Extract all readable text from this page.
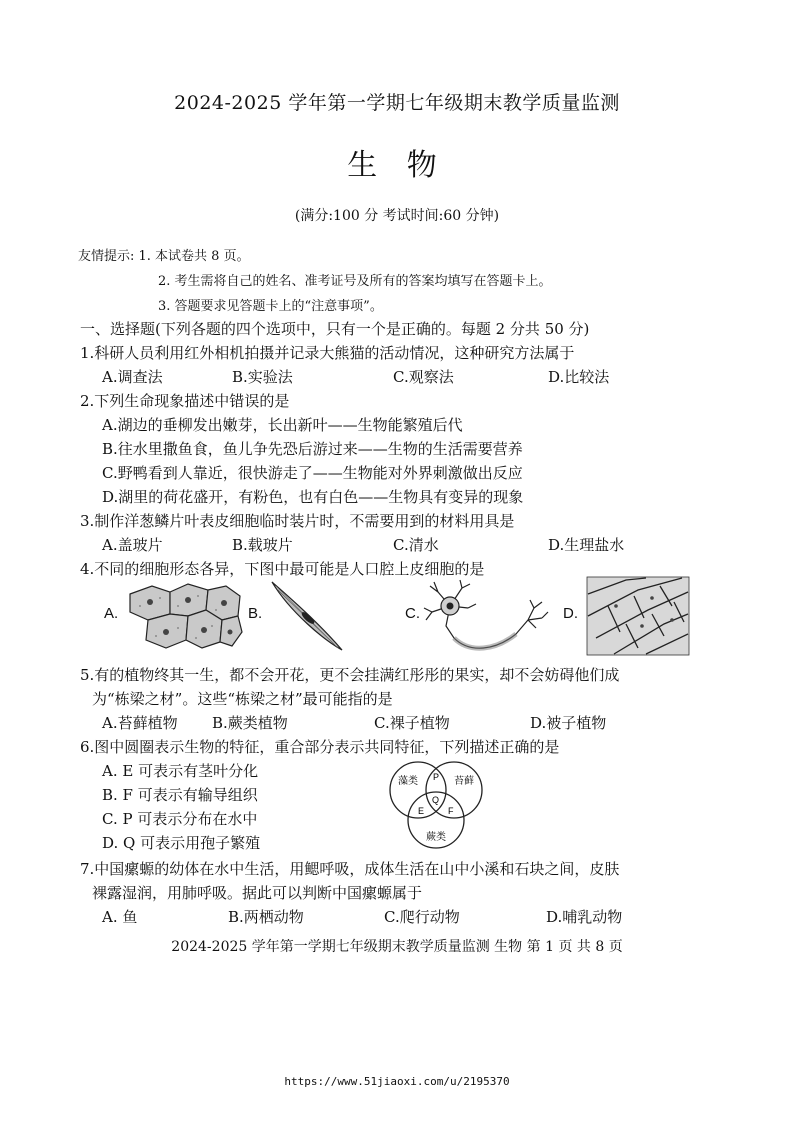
2024-2025 学年第一学期七年级期末教学质量监测
生 物
(满分:100 分 考试时间:60 分钟)
友情提示: 1. 本试卷共 8 页。
2. 考生需将自己的姓名、准考证号及所有的答案均填写在答题卡上。
3. 答题要求见答题卡上的“注意事项”。
一、选择题(下列各题的四个选项中，只有一个是正确的。每题 2 分共 50 分)
1.科研人员利用红外相机拍摄并记录大熊猫的活动情况，这种研究方法属于
A.调查法	B.实验法	C.观察法	D.比较法
2.下列生命现象描述中错误的是
A.湖边的垂柳发出嫩芽，长出新叶——生物能繁殖后代
B.往水里撒鱼食，鱼儿争先恐后游过来——生物的生活需要营养
C.野鸭看到人靠近，很快游走了——生物能对外界刺激做出反应
D.湖里的荷花盛开，有粉色，也有白色——生物具有变异的现象
3.制作洋葱鳞片叶表皮细胞临时装片时，不需要用到的材料用具是
A.盖玻片	B.载玻片	C.清水	D.生理盐水
4.不同的细胞形态各异，下图中最可能是人口腔上皮细胞的是
A.	B.	C.	D.
5.有的植物终其一生，都不会开花，更不会挂满红彤彤的果实，却不会妨碍他们成
为“栋梁之材”。这些“栋梁之材”最可能指的是
A.苔藓植物 B.蕨类植物	C.裸子植物	D.被子植物
6.图中圆圈表示生物的特征，重合部分表示共同特征，下列描述正确的是
A. E 可表示有茎叶分化
B. F 可表示有输导组织
C. P 可表示分布在水中
D. Q 可表示用孢子繁殖
藻类	苔藓
蕨类
P
Q
E	F
7.中国瘰螈的幼体在水中生活，用鳃呼吸，成体生活在山中小溪和石块之间，皮肤
裸露湿润，用肺呼吸。据此可以判断中国瘰螈属于
A. 鱼	B.两栖动物	C.爬行动物	D.哺乳动物
2024-2025 学年第一学期七年级期末教学质量监测 生物 第 1 页 共 8 页
https://www.51jiaoxi.com/u/2195370
